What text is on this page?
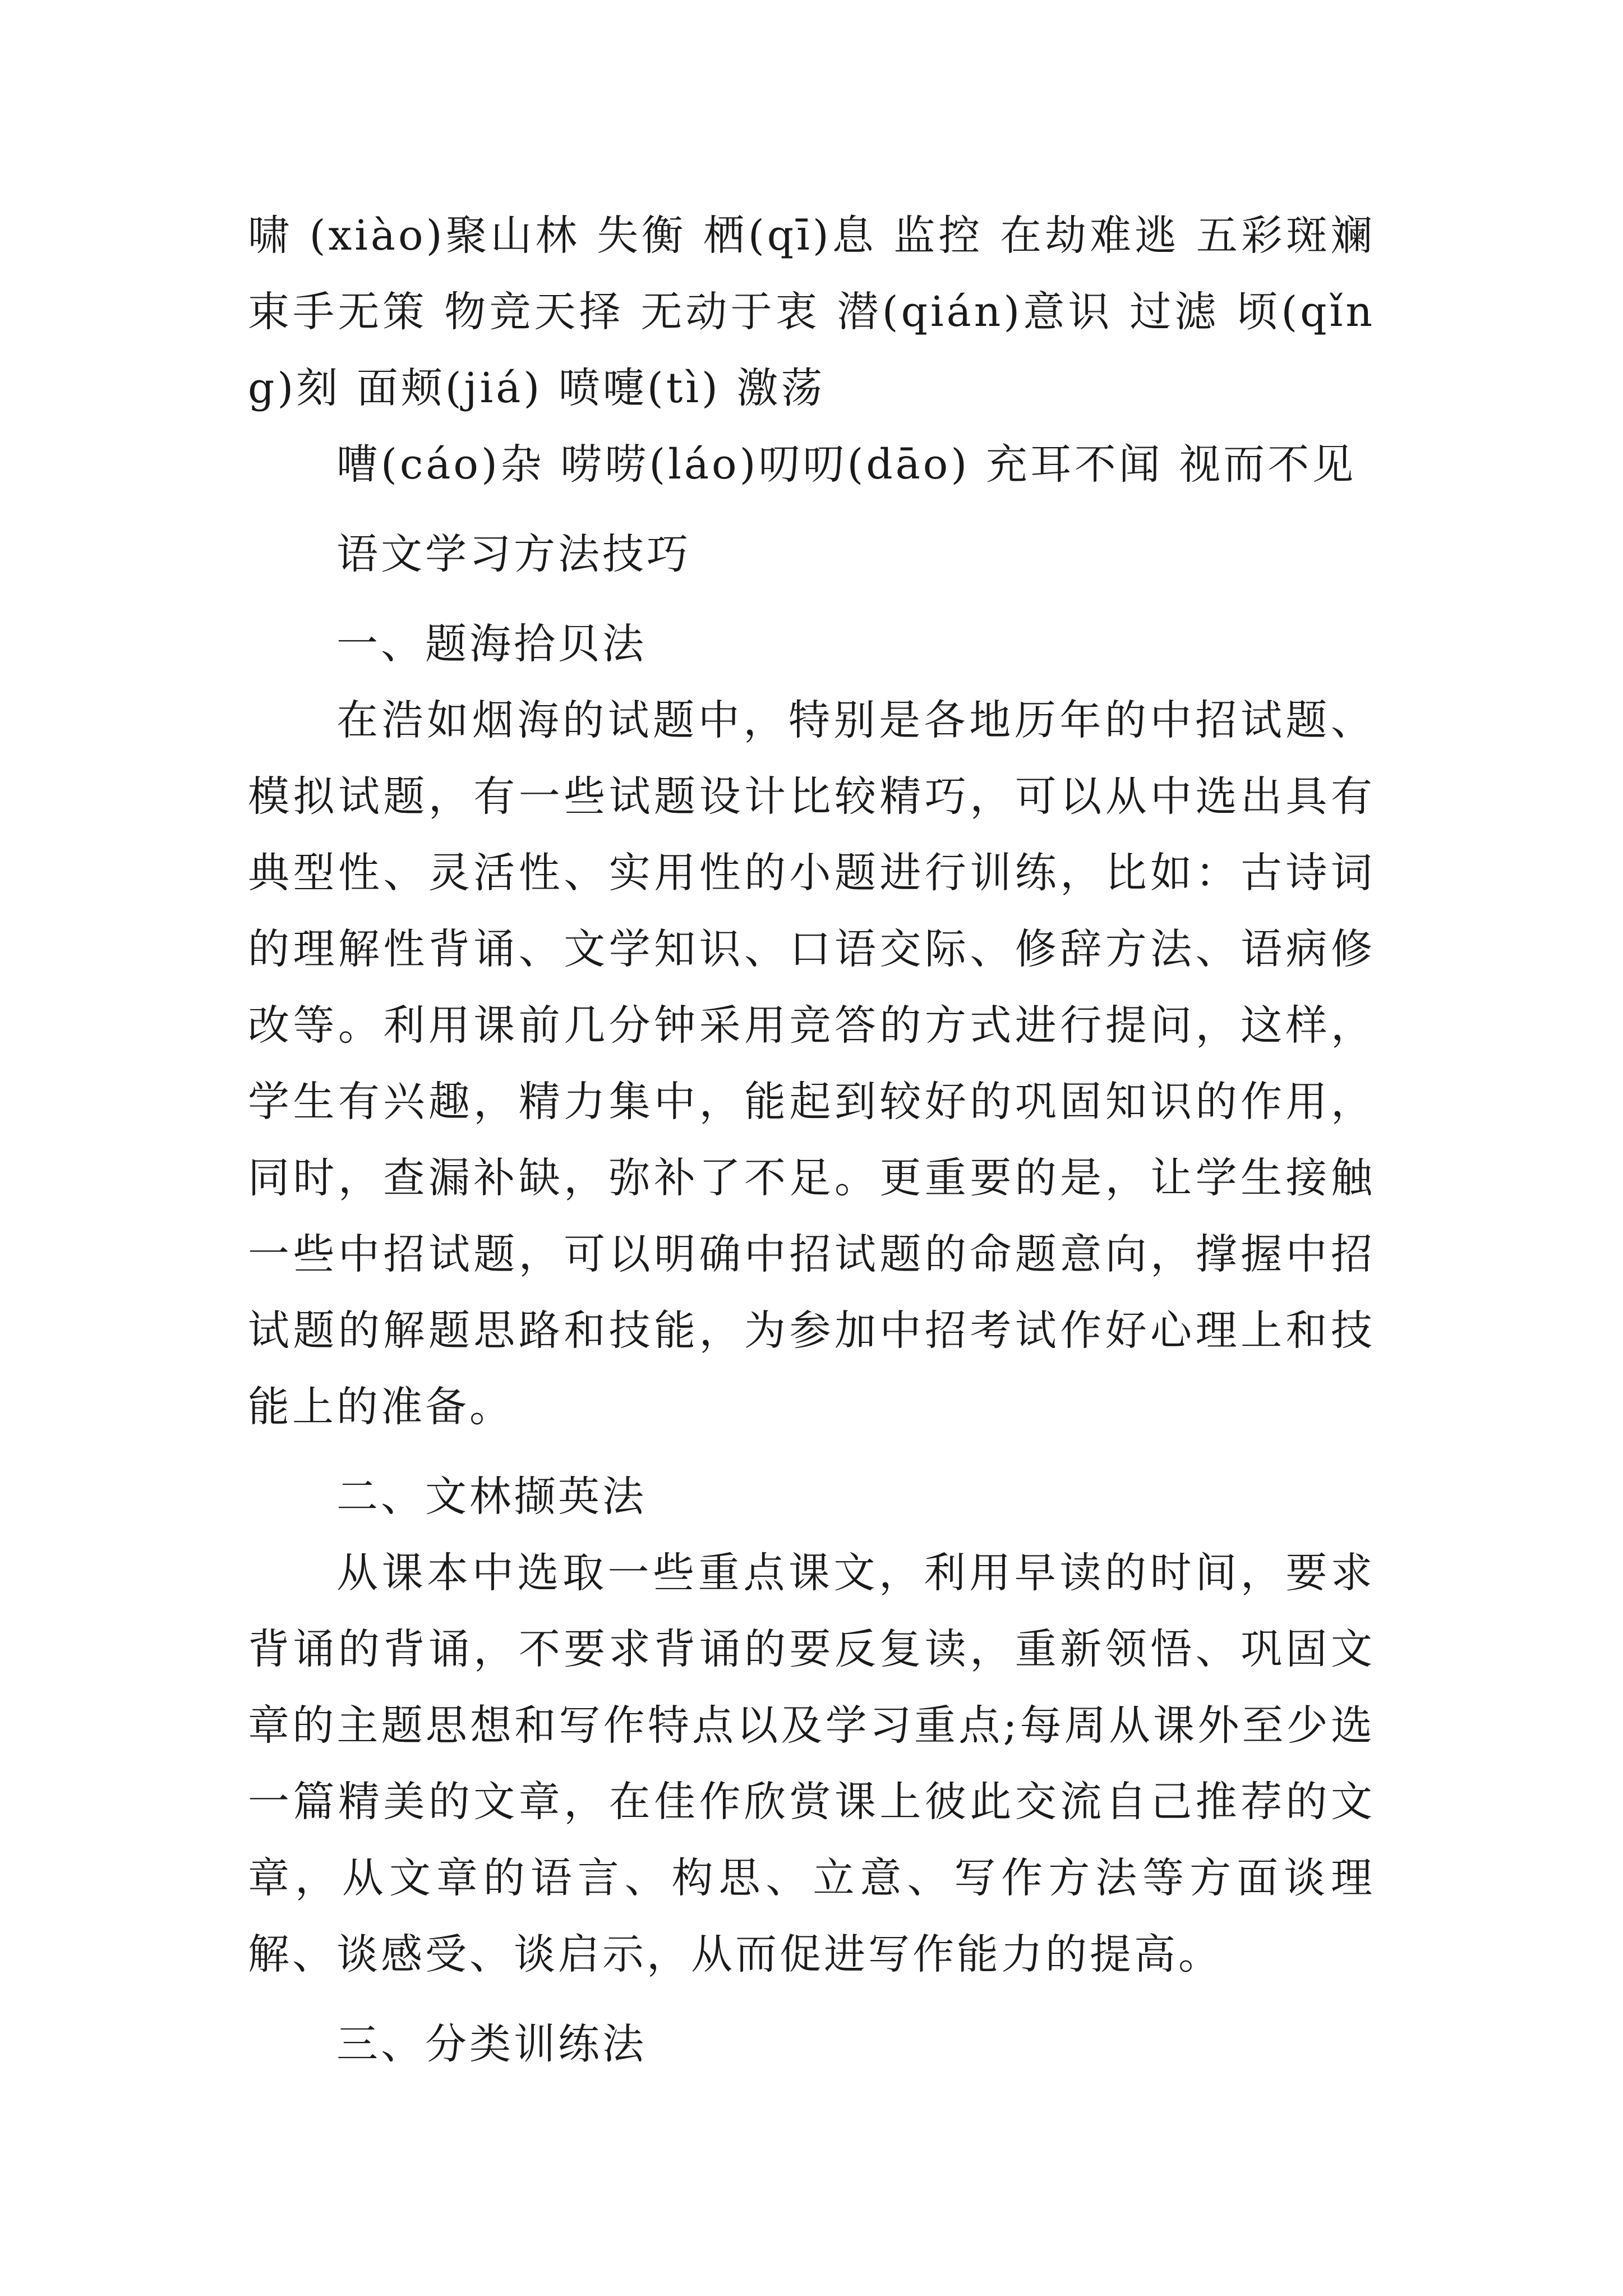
啸 (xiào)聚山林 失衡 栖(qī)息 监控 在劫难逃 五彩斑斓 束手无策 物竞天择 无动于衷 潜(qián)意识 过滤 顷(qǐng)刻 面颊(jiá) 喷嚏(tì) 激荡

嘈(cáo)杂 唠唠(láo)叨叨(dāo) 充耳不闻 视而不见

语文学习方法技巧

一、题海拾贝法

在浩如烟海的试题中，特别是各地历年的中招试题、模拟试题，有一些试题设计比较精巧，可以从中选出具有典型性、灵活性、实用性的小题进行训练，比如：古诗词的理解性背诵、文学知识、口语交际、修辞方法、语病修改等。利用课前几分钟采用竞答的方式进行提问，这样，学生有兴趣，精力集中，能起到较好的巩固知识的作用，同时，查漏补缺，弥补了不足。更重要的是，让学生接触一些中招试题，可以明确中招试题的命题意向，撑握中招试题的解题思路和技能，为参加中招考试作好心理上和技能上的准备。

二、文林撷英法

从课本中选取一些重点课文，利用早读的时间，要求背诵的背诵，不要求背诵的要反复读，重新领悟、巩固文章的主题思想和写作特点以及学习重点;每周从课外至少选一篇精美的文章，在佳作欣赏课上彼此交流自己推荐的文章，从文章的语言、构思、立意、写作方法等方面谈理解、谈感受、谈启示，从而促进写作能力的提高。

三、分类训练法
